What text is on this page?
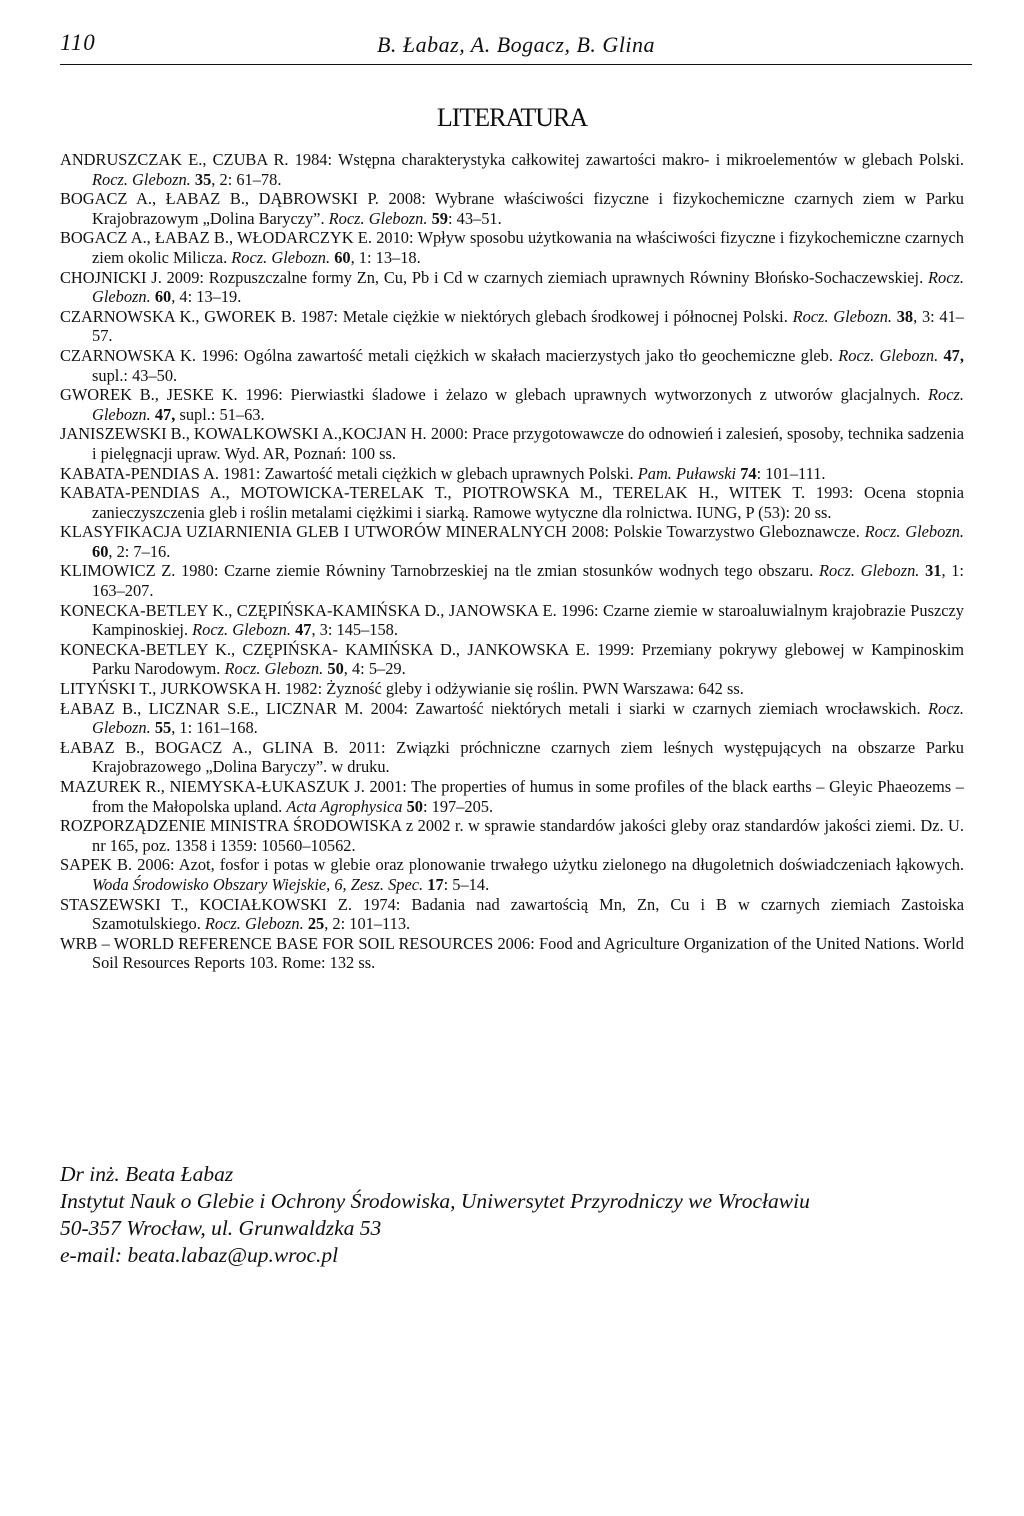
110	B. Łabaz, A. Bogacz, B. Glina
LITERATURA
ANDRUSZCZAK E., CZUBA R. 1984: Wstępna charakterystyka całkowitej zawartości makro- i mikroelementów w glebach Polski. Rocz. Glebozn. 35, 2: 61–78.
BOGACZ A., ŁABAZ B., DĄBROWSKI P. 2008: Wybrane właściwości fizyczne i fizykochemiczne czarnych ziem w Parku Krajobrazowym „Dolina Baryczy”. Rocz. Glebozn. 59: 43–51.
BOGACZ A., ŁABAZ B., WŁODARCZYK E. 2010: Wpływ sposobu użytkowania na właściwości fizyczne i fizykochemiczne czarnych ziem okolic Milicza. Rocz. Glebozn. 60, 1: 13–18.
CHOJNICKI J. 2009: Rozpuszczalne formy Zn, Cu, Pb i Cd w czarnych ziemiach uprawnych Równiny Błońsko-Sochaczewskiej. Rocz. Glebozn. 60, 4: 13–19.
CZARNOWSKA K., GWOREK B. 1987: Metale ciężkie w niektórych glebach środkowej i północnej Polski. Rocz. Glebozn. 38, 3: 41–57.
CZARNOWSKA K. 1996: Ogólna zawartość metali ciężkich w skałach macierzystych jako tło geochemiczne gleb. Rocz. Glebozn. 47, supl.: 43–50.
GWOREK B., JESKE K. 1996: Pierwiastki śladowe i żelazo w glebach uprawnych wytworzonych z utworów glacjalnych. Rocz. Glebozn. 47, supl.: 51–63.
JANISZEWSKI B., KOWALKOWSKI A.,KOCJAN H. 2000: Prace przygotowawcze do odnowień i zalesień, sposoby, technika sadzenia i pielęgnacji upraw. Wyd. AR, Poznań: 100 ss.
KABATA-PENDIAS A. 1981: Zawartość metali ciężkich w glebach uprawnych Polski. Pam. Puławski 74: 101–111.
KABATA-PENDIAS A., MOTOWICKA-TERELAK T., PIOTROWSKA M., TERELAK H., WITEK T. 1993: Ocena stopnia zanieczyszczenia gleb i roślin metalami ciężkimi i siarką. Ramowe wytyczne dla rolnictwa. IUNG, P (53): 20 ss.
KLASYFIKACJA UZIARNIENIA GLEB I UTWORÓW MINERALNYCH 2008: Polskie Towarzystwo Gleboznawcze. Rocz. Glebozn. 60, 2: 7–16.
KLIMOWICZ Z. 1980: Czarne ziemie Równiny Tarnobrzeskiej na tle zmian stosunków wodnych tego obszaru. Rocz. Glebozn. 31, 1: 163–207.
KONECKA-BETLEY K., CZĘPIŃSKA-KAMIŃSKA D., JANOWSKA E. 1996: Czarne ziemie w staroaluwialnym krajobrazie Puszczy Kampinoskiej. Rocz. Glebozn. 47, 3: 145–158.
KONECKA-BETLEY K., CZĘPIŃSKA- KAMIŃSKA D., JANKOWSKA E. 1999: Przemiany pokrywy glebowej w Kampinoskim Parku Narodowym. Rocz. Glebozn. 50, 4: 5–29.
LITYŃSKI T., JURKOWSKA H. 1982: Żyzność gleby i odżywianie się roślin. PWN Warszawa: 642 ss.
ŁABAZ B., LICZNAR S.E., LICZNAR M. 2004: Zawartość niektórych metali i siarki w czarnych ziemiach wrocławskich. Rocz. Glebozn. 55, 1: 161–168.
ŁABAZ B., BOGACZ A., GLINA B. 2011: Związki próchniczne czarnych ziem leśnych występujących na obszarze Parku Krajobrazowego „Dolina Baryczy”. w druku.
MAZUREK R., NIEMYSKA-ŁUKASZUK J. 2001: The properties of humus in some profiles of the black earths – Gleyic Phaeozems – from the Małopolska upland. Acta Agrophysica 50: 197–205.
ROZPORZĄDZENIE MINISTRA ŚRODOWISKA z 2002 r. w sprawie standardów jakości gleby oraz standardów jakości ziemi. Dz. U. nr 165, poz. 1358 i 1359: 10560–10562.
SAPEK B. 2006: Azot, fosfor i potas w glebie oraz plonowanie trwałego użytku zielonego na długoletnich doświadczeniach łąkowych. Woda Środowisko Obszary Wiejskie, 6, Zesz. Spec. 17: 5–14.
STASZEWSKI T., KOCIAŁKOWSKI Z. 1974: Badania nad zawartością Mn, Zn, Cu i B w czarnych ziemiach Zastoiska Szamotulskiego. Rocz. Glebozn. 25, 2: 101–113.
WRB – WORLD REFERENCE BASE FOR SOIL RESOURCES 2006: Food and Agriculture Organization of the United Nations. World Soil Resources Reports 103. Rome: 132 ss.
Dr inż. Beata Łabaz
Instytut Nauk o Glebie i Ochrony Środowiska, Uniwersytet Przyrodniczy we Wrocławiu
50-357 Wrocław, ul. Grunwaldzka 53
e-mail: beata.labaz@up.wroc.pl
